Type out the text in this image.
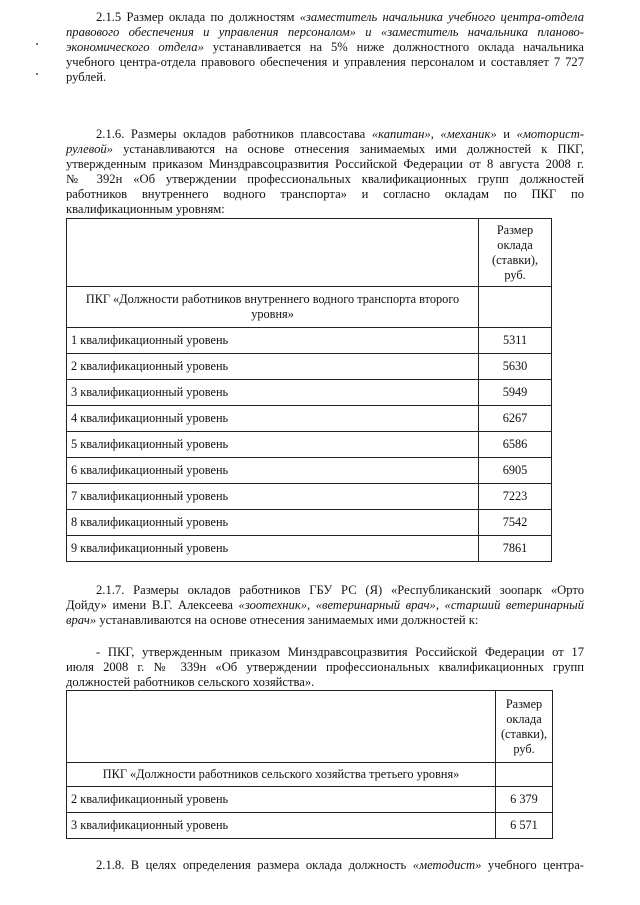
2.1.5 Размер оклада по должностям «заместитель начальника учебного центра-отдела
правового обеспечения и управления персоналом» и «заместитель начальника планово-
экономического отдела» устанавливается на 5% ниже должностного оклада начальника
учебного центра-отдела правового обеспечения и управления персоналом и составляет 7 727
рублей.
2.1.6. Размеры окладов работников плавсостава «капитан», «механик» и «моторист-
рулевой» устанавливаются на основе отнесения занимаемых ими должностей к ПКГ,
утвержденным приказом Минздравсоцразвития Российской Федерации от 8 августа 2008 г.
№ 392н «Об утверждении профессиональных квалификационных групп должностей
работников внутреннего водного транспорта» и согласно окладам по ПКГ по
квалификационным уровням:
	Размер оклада (ставки), руб.
ПКГ «Должности работников внутреннего водного транспорта второго уровня»	
1 квалификационный уровень	5311
2 квалификационный уровень	5630
3 квалификационный уровень	5949
4 квалификационный уровень	6267
5 квалификационный уровень	6586
6 квалификационный уровень	6905
7 квалификационный уровень	7223
8 квалификационный уровень	7542
9 квалификационный уровень	7861
2.1.7. Размеры окладов работников ГБУ РС (Я) «Республиканский зоопарк «Орто
Дойду» имени В.Г. Алексеева «зоотехник», «ветеринарный врач», «старший ветеринарный
врач» устанавливаются на основе отнесения занимаемых ими должностей к:
- ПКГ, утвержденным приказом Минздравсоцразвития Российской Федерации от 17
июля 2008 г. № 339н «Об утверждении профессиональных квалификационных групп
должностей работников сельского хозяйства».
	Размер оклада (ставки), руб.
ПКГ «Должности работников сельского хозяйства третьего уровня»	
2 квалификационный уровень	6 379
3 квалификационный уровень	6 571
2.1.8. В целях определения размера оклада должность «методист» учебного центра-
